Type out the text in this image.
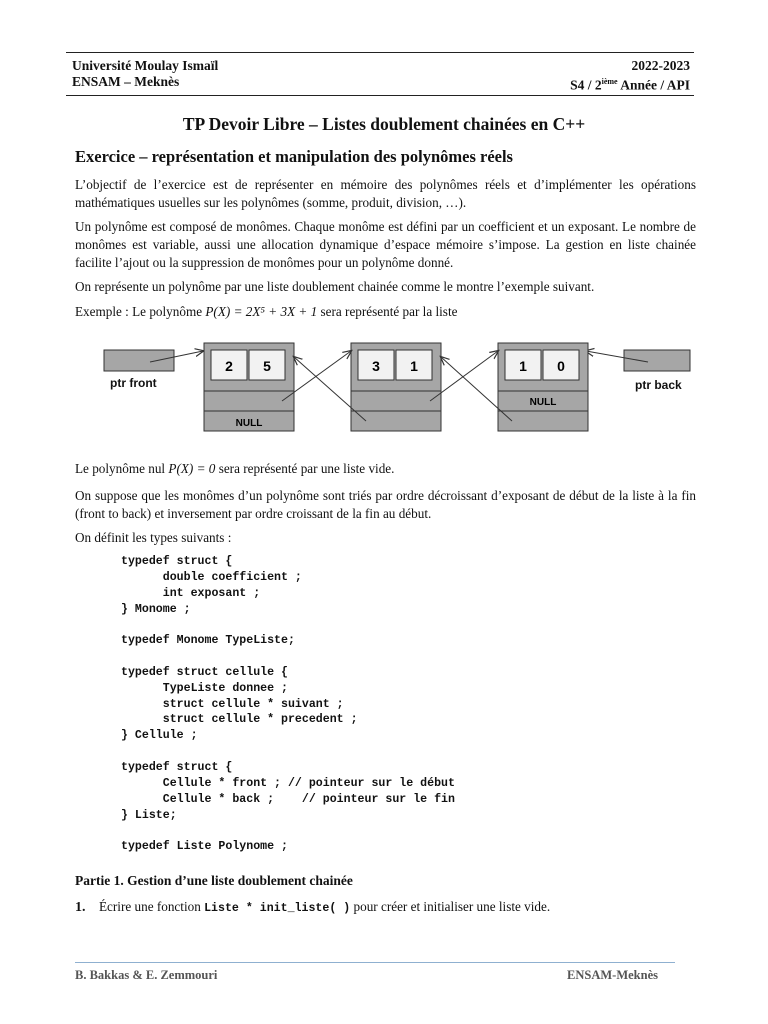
Université Moulay Ismaïl
ENSAM – Meknès
2022-2023
S4 / 2ième Année / API
TP Devoir Libre – Listes doublement chainées en C++
Exercice – représentation et manipulation des polynômes réels
L’objectif de l’exercice est de représenter en mémoire des polynômes réels et d’implémenter les opérations mathématiques usuelles sur les polynômes (somme, produit, division, …).
Un polynôme est composé de monômes. Chaque monôme est défini par un coefficient et un exposant. Le nombre de monômes est variable, aussi une allocation dynamique d’espace mémoire s’impose. La gestion en liste chainée facilite l’ajout ou la suppression de monômes pour un polynôme donné.
On représente un polynôme par une liste doublement chainée comme le montre l’exemple suivant.
Exemple : Le polynôme P(X) = 2X⁵ + 3X + 1 sera représenté par la liste
ptr front	ptr back
2 5
NULL
3 1	1 0
NULL
Le polynôme nul P(X) = 0 sera représenté par une liste vide.
On suppose que les monômes d’un polynôme sont triés par ordre décroissant d’exposant de début de la liste à la fin (front to back) et inversement par ordre croissant de la fin au début.
On définit les types suivants :
typedef struct {
double coefficient ;
int exposant ;
} Monome ;

typedef Monome TypeListe;

typedef struct cellule {
TypeListe donnee ;
struct cellule * suivant ;
struct cellule * precedent ;
} Cellule ;

typedef struct {
Cellule * front ; // pointeur sur le début
Cellule * back ;    // pointeur sur le fin
} Liste;

typedef Liste Polynome ;
Partie 1. Gestion d’une liste doublement chainée
1. Écrire une fonction Liste * init_liste( ) pour créer et initialiser une liste vide.
B. Bakkas & E. Zemmouri	ENSAM-Meknès
